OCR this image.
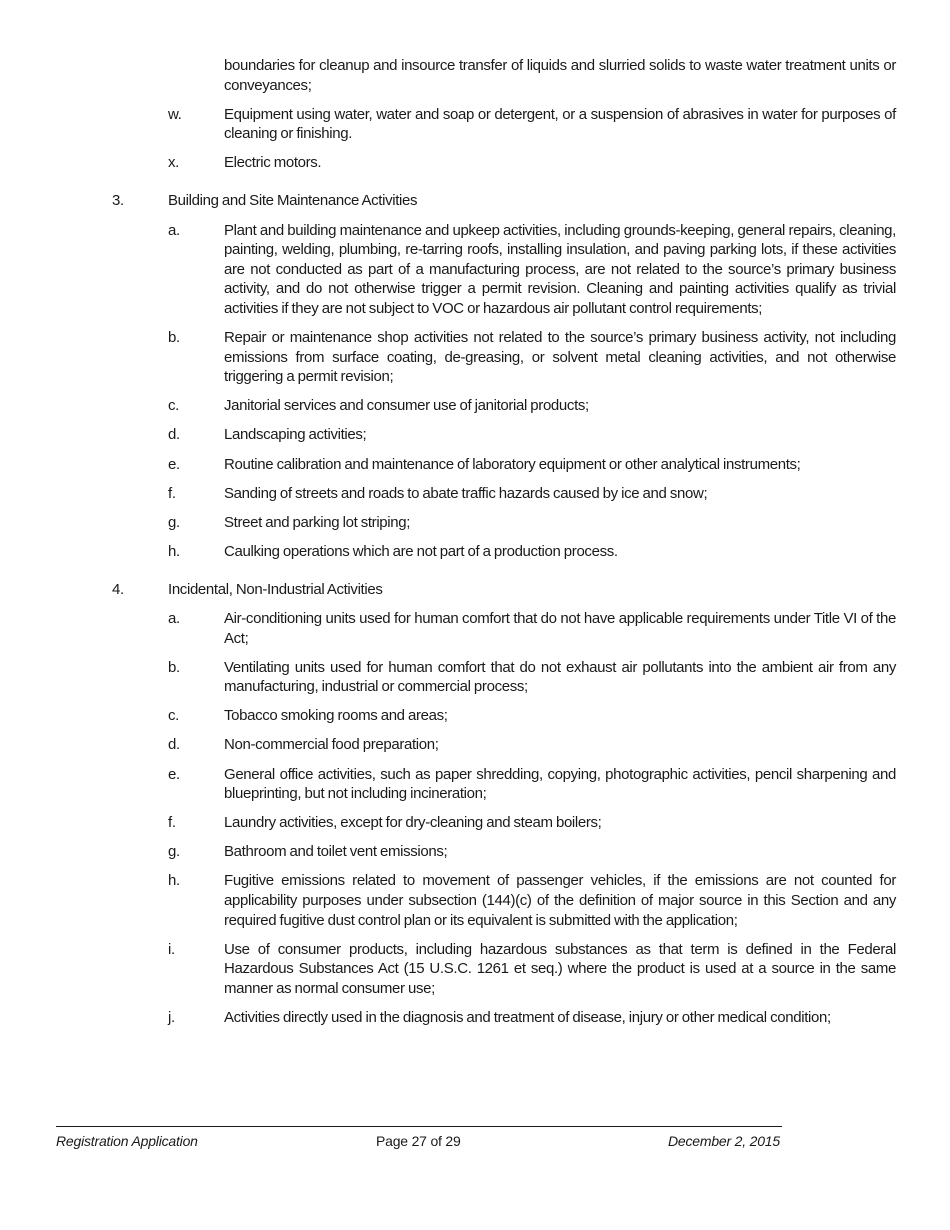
boundaries for cleanup and insource transfer of liquids and slurried solids to waste water treatment units or conveyances;
w.	Equipment using water, water and soap or detergent, or a suspension of abrasives in water for purposes of cleaning or finishing.
x.	Electric motors.
3.	Building and Site Maintenance Activities
a.	Plant and building maintenance and upkeep activities, including grounds-keeping, general repairs, cleaning, painting, welding, plumbing, re-tarring roofs, installing insulation, and paving parking lots, if these activities are not conducted as part of a manufacturing process, are not related to the source’s primary business activity, and do not otherwise trigger a permit revision. Cleaning and painting activities qualify as trivial activities if they are not subject to VOC or hazardous air pollutant control requirements;
b.	Repair or maintenance shop activities not related to the source’s primary business activity, not including emissions from surface coating, de-greasing, or solvent metal cleaning activities, and not otherwise triggering a permit revision;
c.	Janitorial services and consumer use of janitorial products;
d.	Landscaping activities;
e.	Routine calibration and maintenance of laboratory equipment or other analytical instruments;
f.	Sanding of streets and roads to abate traffic hazards caused by ice and snow;
g.	Street and parking lot striping;
h.	Caulking operations which are not part of a production process.
4.	Incidental, Non-Industrial Activities
a.	Air-conditioning units used for human comfort that do not have applicable requirements under Title VI of the Act;
b.	Ventilating units used for human comfort that do not exhaust air pollutants into the ambient air from any manufacturing, industrial or commercial process;
c.	Tobacco smoking rooms and areas;
d.	Non-commercial food preparation;
e.	General office activities, such as paper shredding, copying, photographic activities, pencil sharpening and blueprinting, but not including incineration;
f.	Laundry activities, except for dry-cleaning and steam boilers;
g.	Bathroom and toilet vent emissions;
h.	Fugitive emissions related to movement of passenger vehicles, if the emissions are not counted for applicability purposes under subsection (144)(c) of the definition of major source in this Section and any required fugitive dust control plan or its equivalent is submitted with the application;
i.	Use of consumer products, including hazardous substances as that term is defined in the Federal Hazardous Substances Act (15 U.S.C. 1261 et seq.) where the product is used at a source in the same manner as normal consumer use;
j.	Activities directly used in the diagnosis and treatment of disease, injury or other medical condition;
Registration Application	Page 27 of 29	December 2, 2015
